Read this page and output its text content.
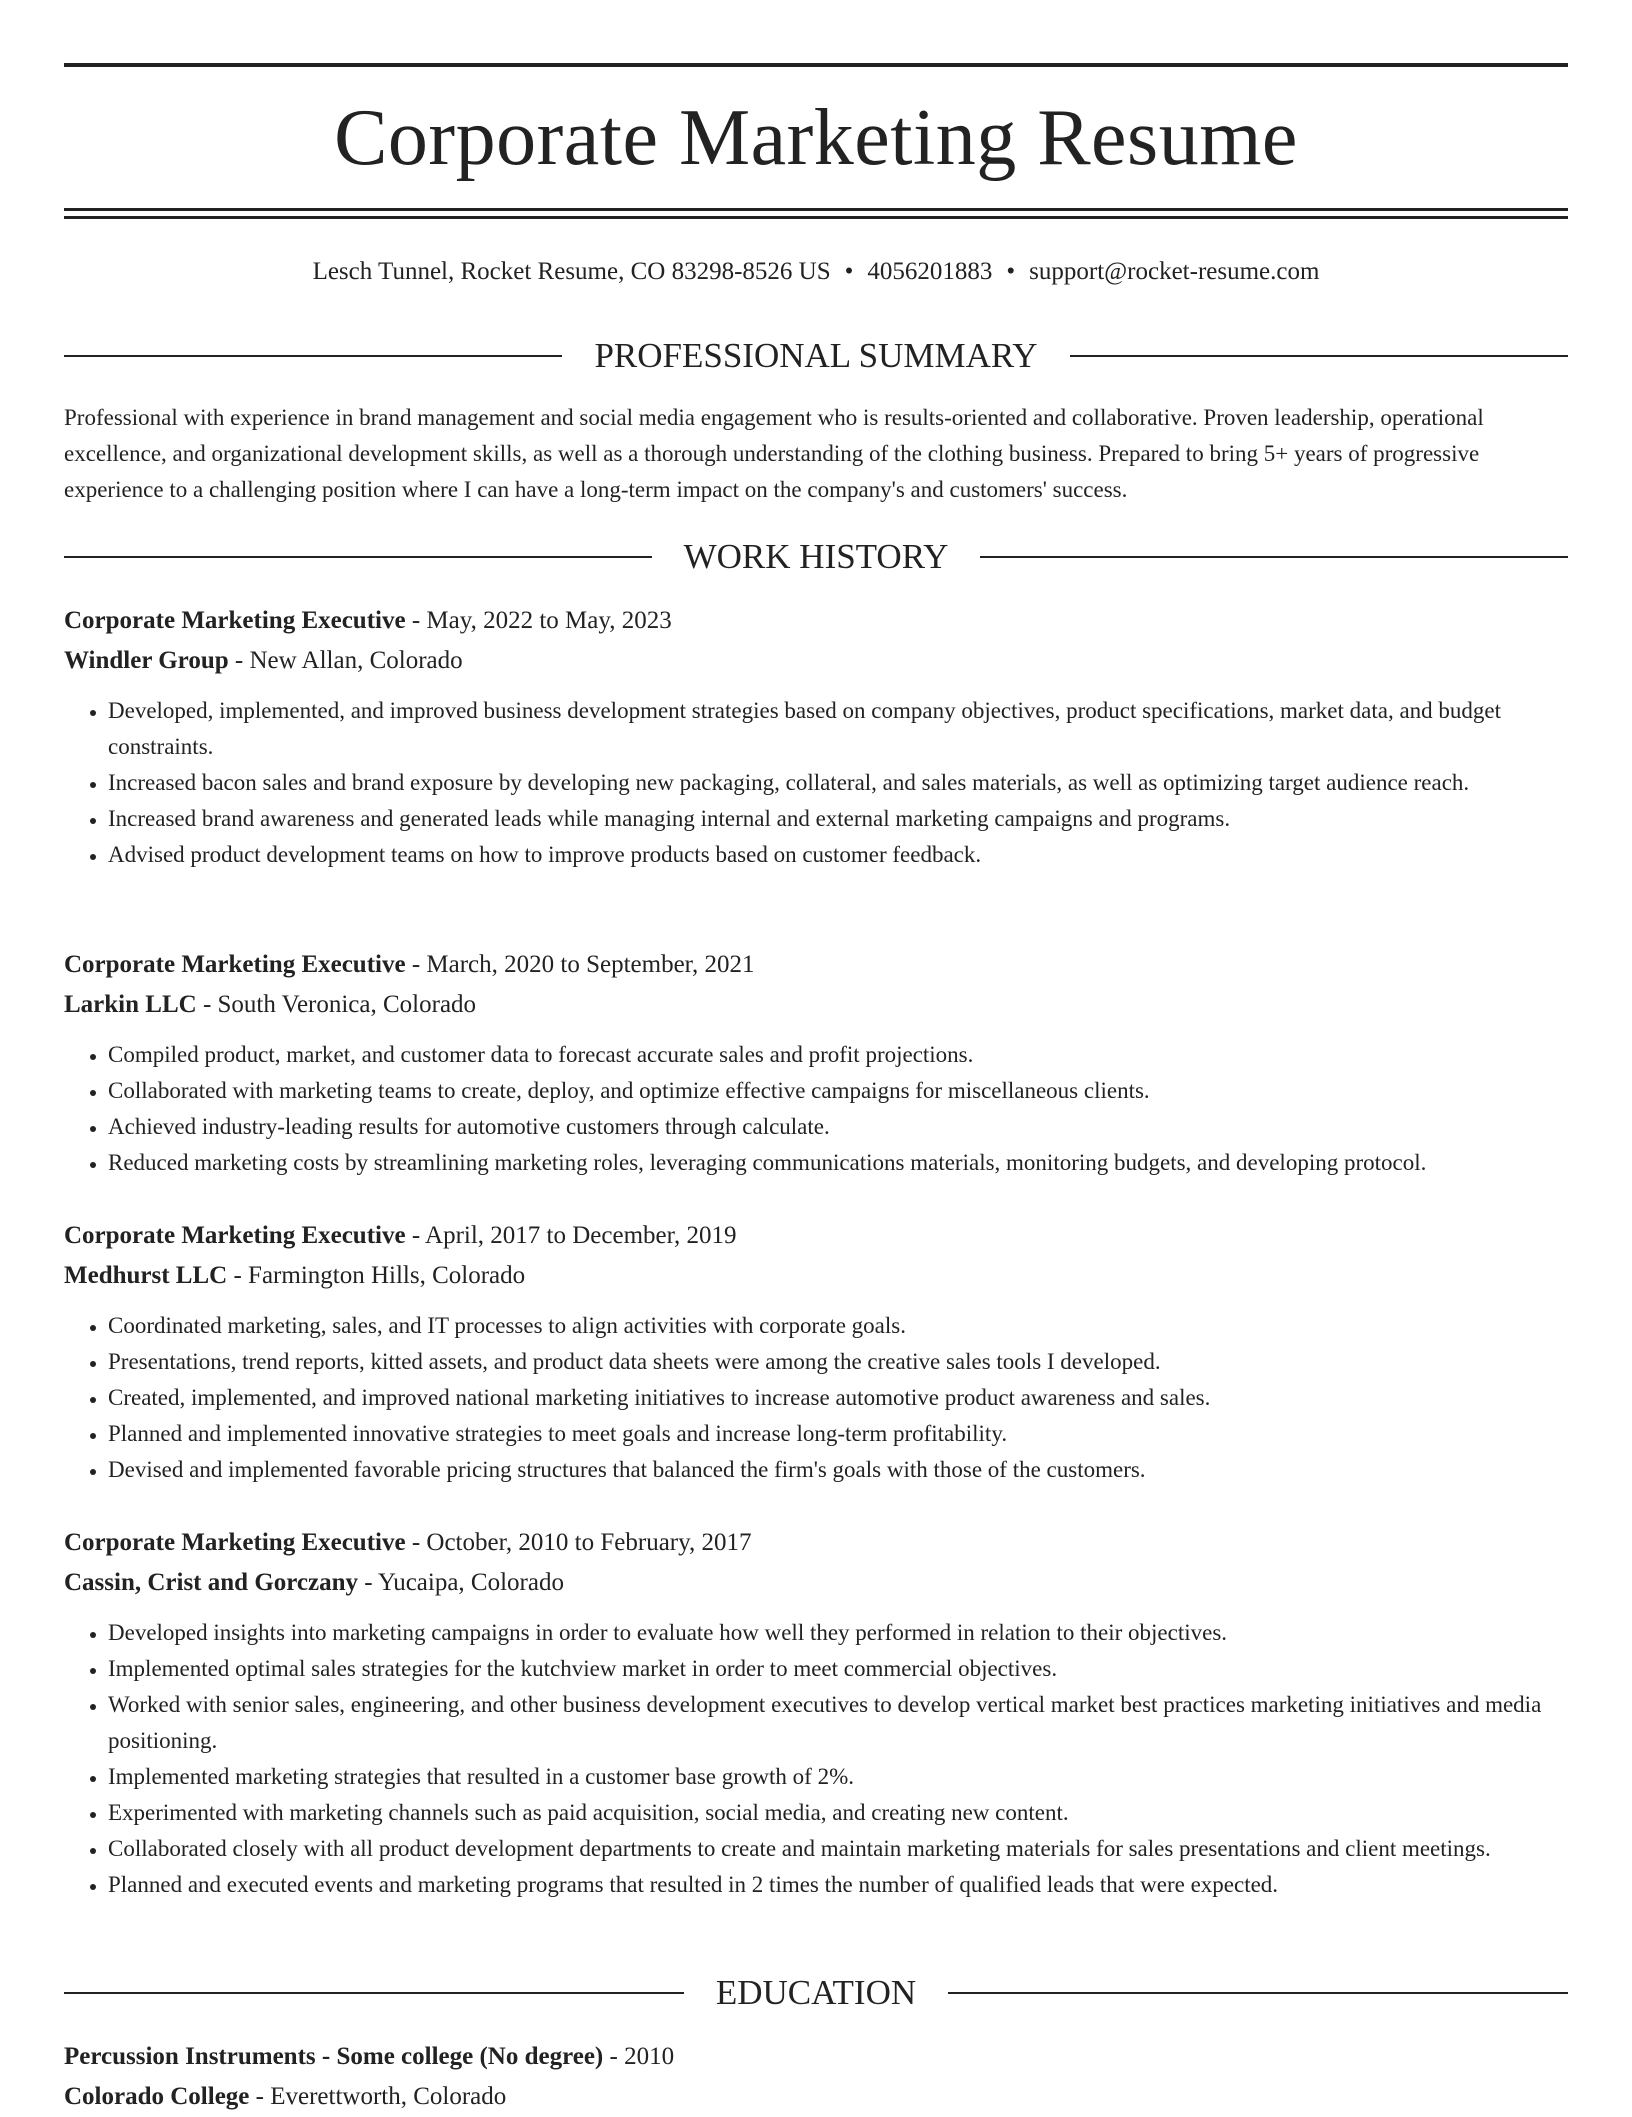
Corporate Marketing Resume
Lesch Tunnel, Rocket Resume, CO 83298-8526 US • 4056201883 • support@rocket-resume.com
PROFESSIONAL SUMMARY

Professional with experience in brand management and social media engagement who is results-oriented and collaborative. Proven leadership, operational excellence, and organizational development skills, as well as a thorough understanding of the clothing business. Prepared to bring 5+ years of progressive experience to a challenging position where I can have a long-term impact on the company's and customers' success.

WORK HISTORY
Corporate Marketing Executive - May, 2022 to May, 2023
Windler Group - New Allan, Colorado
• Developed, implemented, and improved business development strategies based on company objectives, product specifications, market data, and budget constraints.
• Increased bacon sales and brand exposure by developing new packaging, collateral, and sales materials, as well as optimizing target audience reach.
• Increased brand awareness and generated leads while managing internal and external marketing campaigns and programs.
• Advised product development teams on how to improve products based on customer feedback.
Corporate Marketing Executive - March, 2020 to September, 2021
Larkin LLC - South Veronica, Colorado
• Compiled product, market, and customer data to forecast accurate sales and profit projections.
• Collaborated with marketing teams to create, deploy, and optimize effective campaigns for miscellaneous clients.
• Achieved industry-leading results for automotive customers through calculate.
• Reduced marketing costs by streamlining marketing roles, leveraging communications materials, monitoring budgets, and developing protocol.
Corporate Marketing Executive - April, 2017 to December, 2019
Medhurst LLC - Farmington Hills, Colorado
• Coordinated marketing, sales, and IT processes to align activities with corporate goals.
• Presentations, trend reports, kitted assets, and product data sheets were among the creative sales tools I developed.
• Created, implemented, and improved national marketing initiatives to increase automotive product awareness and sales.
• Planned and implemented innovative strategies to meet goals and increase long-term profitability.
• Devised and implemented favorable pricing structures that balanced the firm's goals with those of the customers.
Corporate Marketing Executive - October, 2010 to February, 2017
Cassin, Crist and Gorczany - Yucaipa, Colorado
• Developed insights into marketing campaigns in order to evaluate how well they performed in relation to their objectives.
• Implemented optimal sales strategies for the kutchview market in order to meet commercial objectives.
• Worked with senior sales, engineering, and other business development executives to develop vertical market best practices marketing initiatives and media positioning.
• Implemented marketing strategies that resulted in a customer base growth of 2%.
• Experimented with marketing channels such as paid acquisition, social media, and creating new content.
• Collaborated closely with all product development departments to create and maintain marketing materials for sales presentations and client meetings.
• Planned and executed events and marketing programs that resulted in 2 times the number of qualified leads that were expected.
EDUCATION
Percussion Instruments - Some college (No degree) - 2010
Colorado College - Everettworth, Colorado
